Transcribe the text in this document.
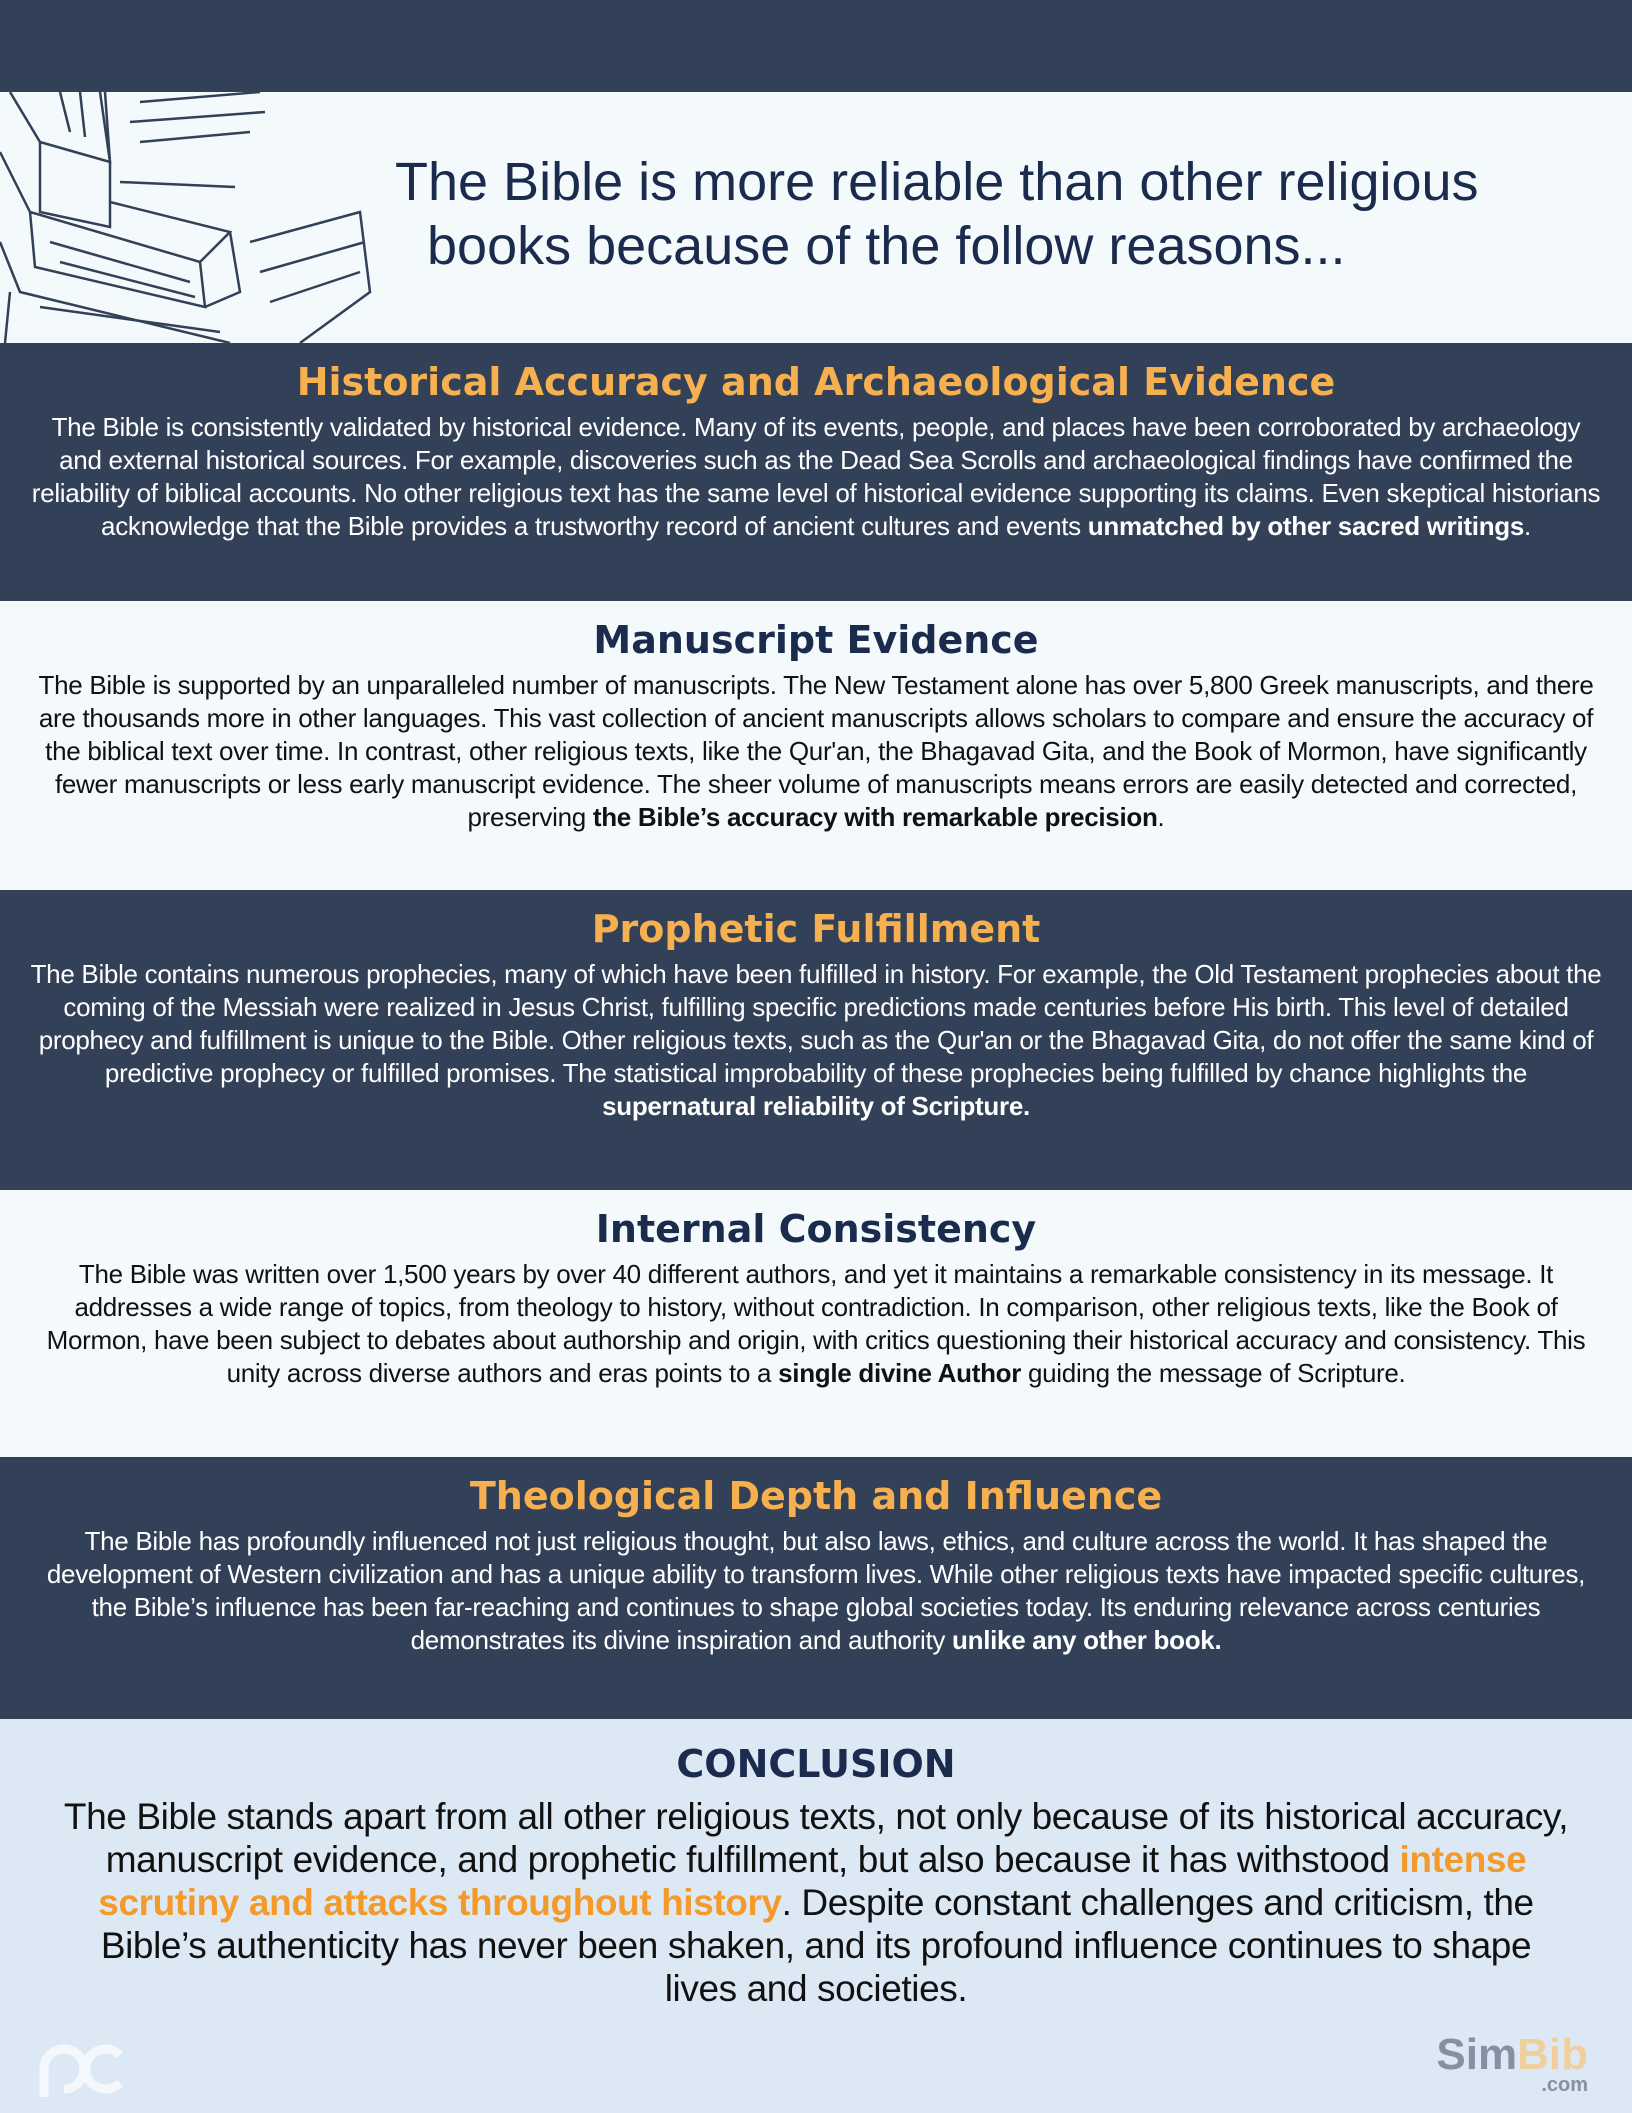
The Bible is more reliable than other religious
books because of the follow reasons...
Historical Accuracy and Archaeological Evidence

The Bible is consistently validated by historical evidence. Many of its events, people, and places have been corroborated by archaeology and external historical sources. For example, discoveries such as the Dead Sea Scrolls and archaeological findings have confirmed the reliability of biblical accounts. No other religious text has the same level of historical evidence supporting its claims. Even skeptical historians acknowledge that the Bible provides a trustworthy record of ancient cultures and events unmatched by other sacred writings.

Manuscript Evidence

The Bible is supported by an unparalleled number of manuscripts. The New Testament alone has over 5,800 Greek manuscripts, and there are thousands more in other languages. This vast collection of ancient manuscripts allows scholars to compare and ensure the accuracy of the biblical text over time. In contrast, other religious texts, like the Qur'an, the Bhagavad Gita, and the Book of Mormon, have significantly fewer manuscripts or less early manuscript evidence. The sheer volume of manuscripts means errors are easily detected and corrected, preserving the Bible’s accuracy with remarkable precision.

Prophetic Fulfillment

The Bible contains numerous prophecies, many of which have been fulfilled in history. For example, the Old Testament prophecies about the coming of the Messiah were realized in Jesus Christ, fulfilling specific predictions made centuries before His birth. This level of detailed prophecy and fulfillment is unique to the Bible. Other religious texts, such as the Qur'an or the Bhagavad Gita, do not offer the same kind of predictive prophecy or fulfilled promises. The statistical improbability of these prophecies being fulfilled by chance highlights the supernatural reliability of Scripture.

Internal Consistency

The Bible was written over 1,500 years by over 40 different authors, and yet it maintains a remarkable consistency in its message. It addresses a wide range of topics, from theology to history, without contradiction. In comparison, other religious texts, like the Book of Mormon, have been subject to debates about authorship and origin, with critics questioning their historical accuracy and consistency. This unity across diverse authors and eras points to a single divine Author guiding the message of Scripture.

Theological Depth and Influence

The Bible has profoundly influenced not just religious thought, but also laws, ethics, and culture across the world. It has shaped the development of Western civilization and has a unique ability to transform lives. While other religious texts have impacted specific cultures, the Bible’s influence has been far-reaching and continues to shape global societies today. Its enduring relevance across centuries demonstrates its divine inspiration and authority unlike any other book.

CONCLUSION

The Bible stands apart from all other religious texts, not only because of its historical accuracy, manuscript evidence, and prophetic fulfillment, but also because it has withstood intense scrutiny and attacks throughout history. Despite constant challenges and criticism, the Bible’s authenticity has never been shaken, and its profound influence continues to shape lives and societies.

SimBib
.com
